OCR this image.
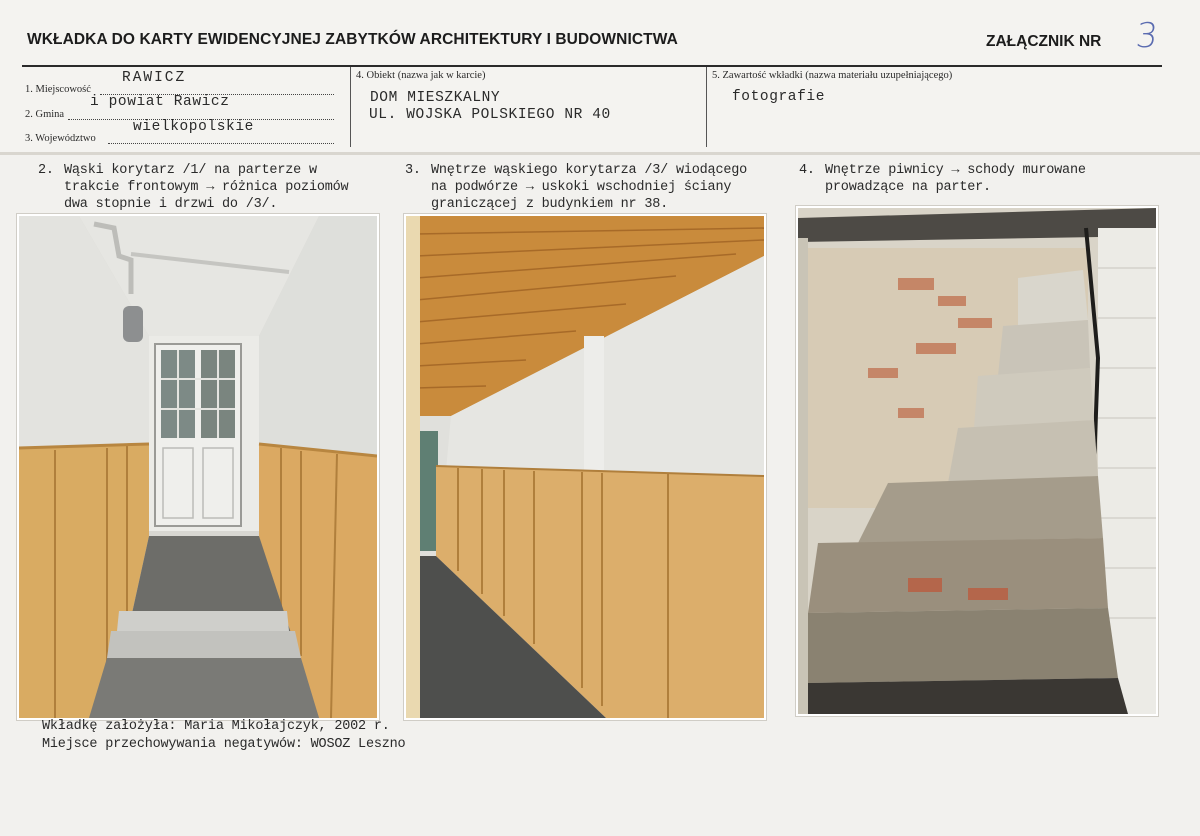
WKŁADKA DO KARTY EWIDENCYJNEJ ZABYTKÓW ARCHITEKTURY I BUDOWNICTWA	ZAŁĄCZNIK NR 3
1. Miejscowość
2. Gmina
3. Województwo
RAWICZ
i powiat Rawicz
wielkopolskie
4. Obiekt (nazwa jak w karcie)
DOM MIESZKALNY
UL. WOJSKA POLSKIEGO NR 40
5. Zawartość wkładki (nazwa materiału uzupełniającego)
fotografie
2. Wąski korytarz /1/ na parterze w
trakcie frontowym → różnica poziomów
dwa stopnie i drzwi do /3/.
3. Wnętrze wąskiego korytarza /3/ wiodącego
na podwórze → uskoki wschodniej ściany
graniczącej z budynkiem nr 38.
4. Wnętrze piwnicy → schody murowane
prowadzące na parter.
Wkładkę założyła: Maria Mikołajczyk, 2002 r.
Miejsce przechowywania negatywów: WOSOZ Leszno
